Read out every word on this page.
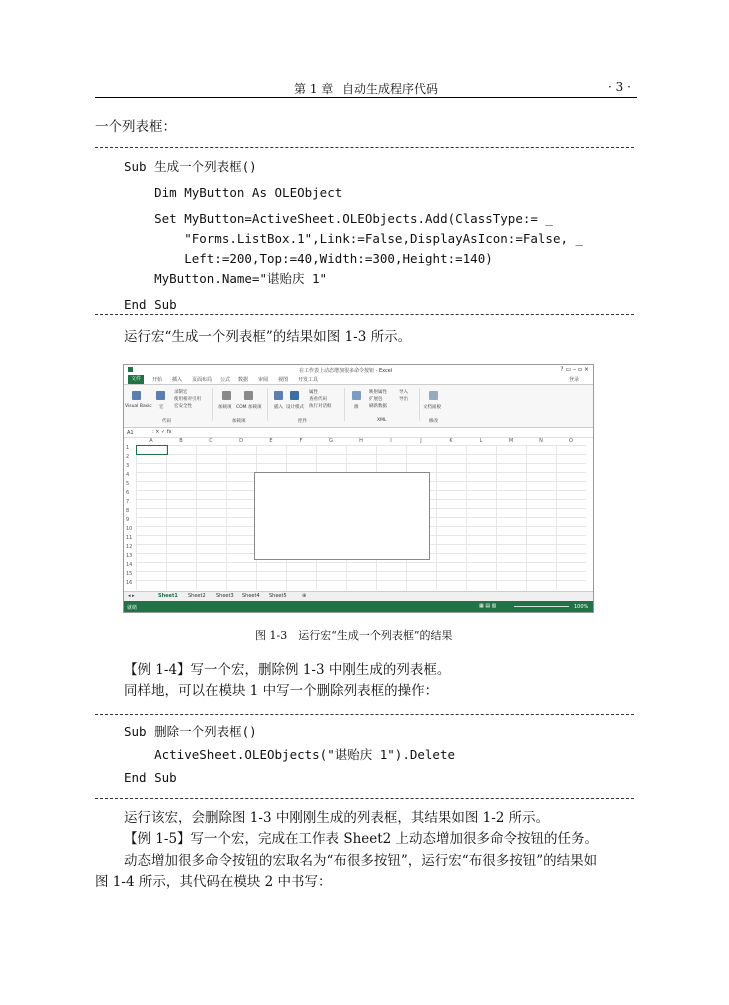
第 1 章 自动生成程序代码	· 3 ·
一个列表框：
Sub 生成一个列表框()
Dim MyButton As OLEObject
Set MyButton=ActiveSheet.OLEObjects.Add(ClassType:= _
"Forms.ListBox.1",Link:=False,DisplayAsIcon:=False, _
Left:=200,Top:=40,Width:=300,Height:=140)
MyButton.Name="谌贻庆 1"
End Sub
运行宏“生成一个列表框”的结果如图 1-3 所示。
在工作表上动态增加很多命令按钮 - Excel	? ▭ – ▫ ×
文件	开始 插入 页面布局 公式 数据 审阅 视图 开发工具	登录
Visual Basic 宏
录制宏
使用相对引用
宏安全性
代码
加载项 COM 加载项
加载项
插入 设计模式
属性
查看代码
执行对话框
控件
源
映射属性
扩展包
刷新数据
导入
导出
XML
文档面板
修改
A1	: × ✓ fx
A	B	C	D	E	F	G	H	I	J	K	L	M	N	O
1
2
3
4
5
6
7
8
9
10
11
12
13
14
15
16
◂ ▸	Sheet1 Sheet2 Sheet3 Sheet4 Sheet5	⊕
就绪	▦ ▤ ▥	100%
图 1-3　运行宏“生成一个列表框”的结果
【例 1-4】写一个宏，删除例 1-3 中刚生成的列表框。
同样地，可以在模块 1 中写一个删除列表框的操作：
Sub 删除一个列表框()
ActiveSheet.OLEObjects("谌贻庆 1").Delete
End Sub
运行该宏，会删除图 1-3 中刚刚生成的列表框，其结果如图 1-2 所示。
【例 1-5】写一个宏，完成在工作表 Sheet2 上动态增加很多命令按钮的任务。
动态增加很多命令按钮的宏取名为“布很多按钮”，运行宏“布很多按钮”的结果如
图 1-4 所示，其代码在模块 2 中书写：
